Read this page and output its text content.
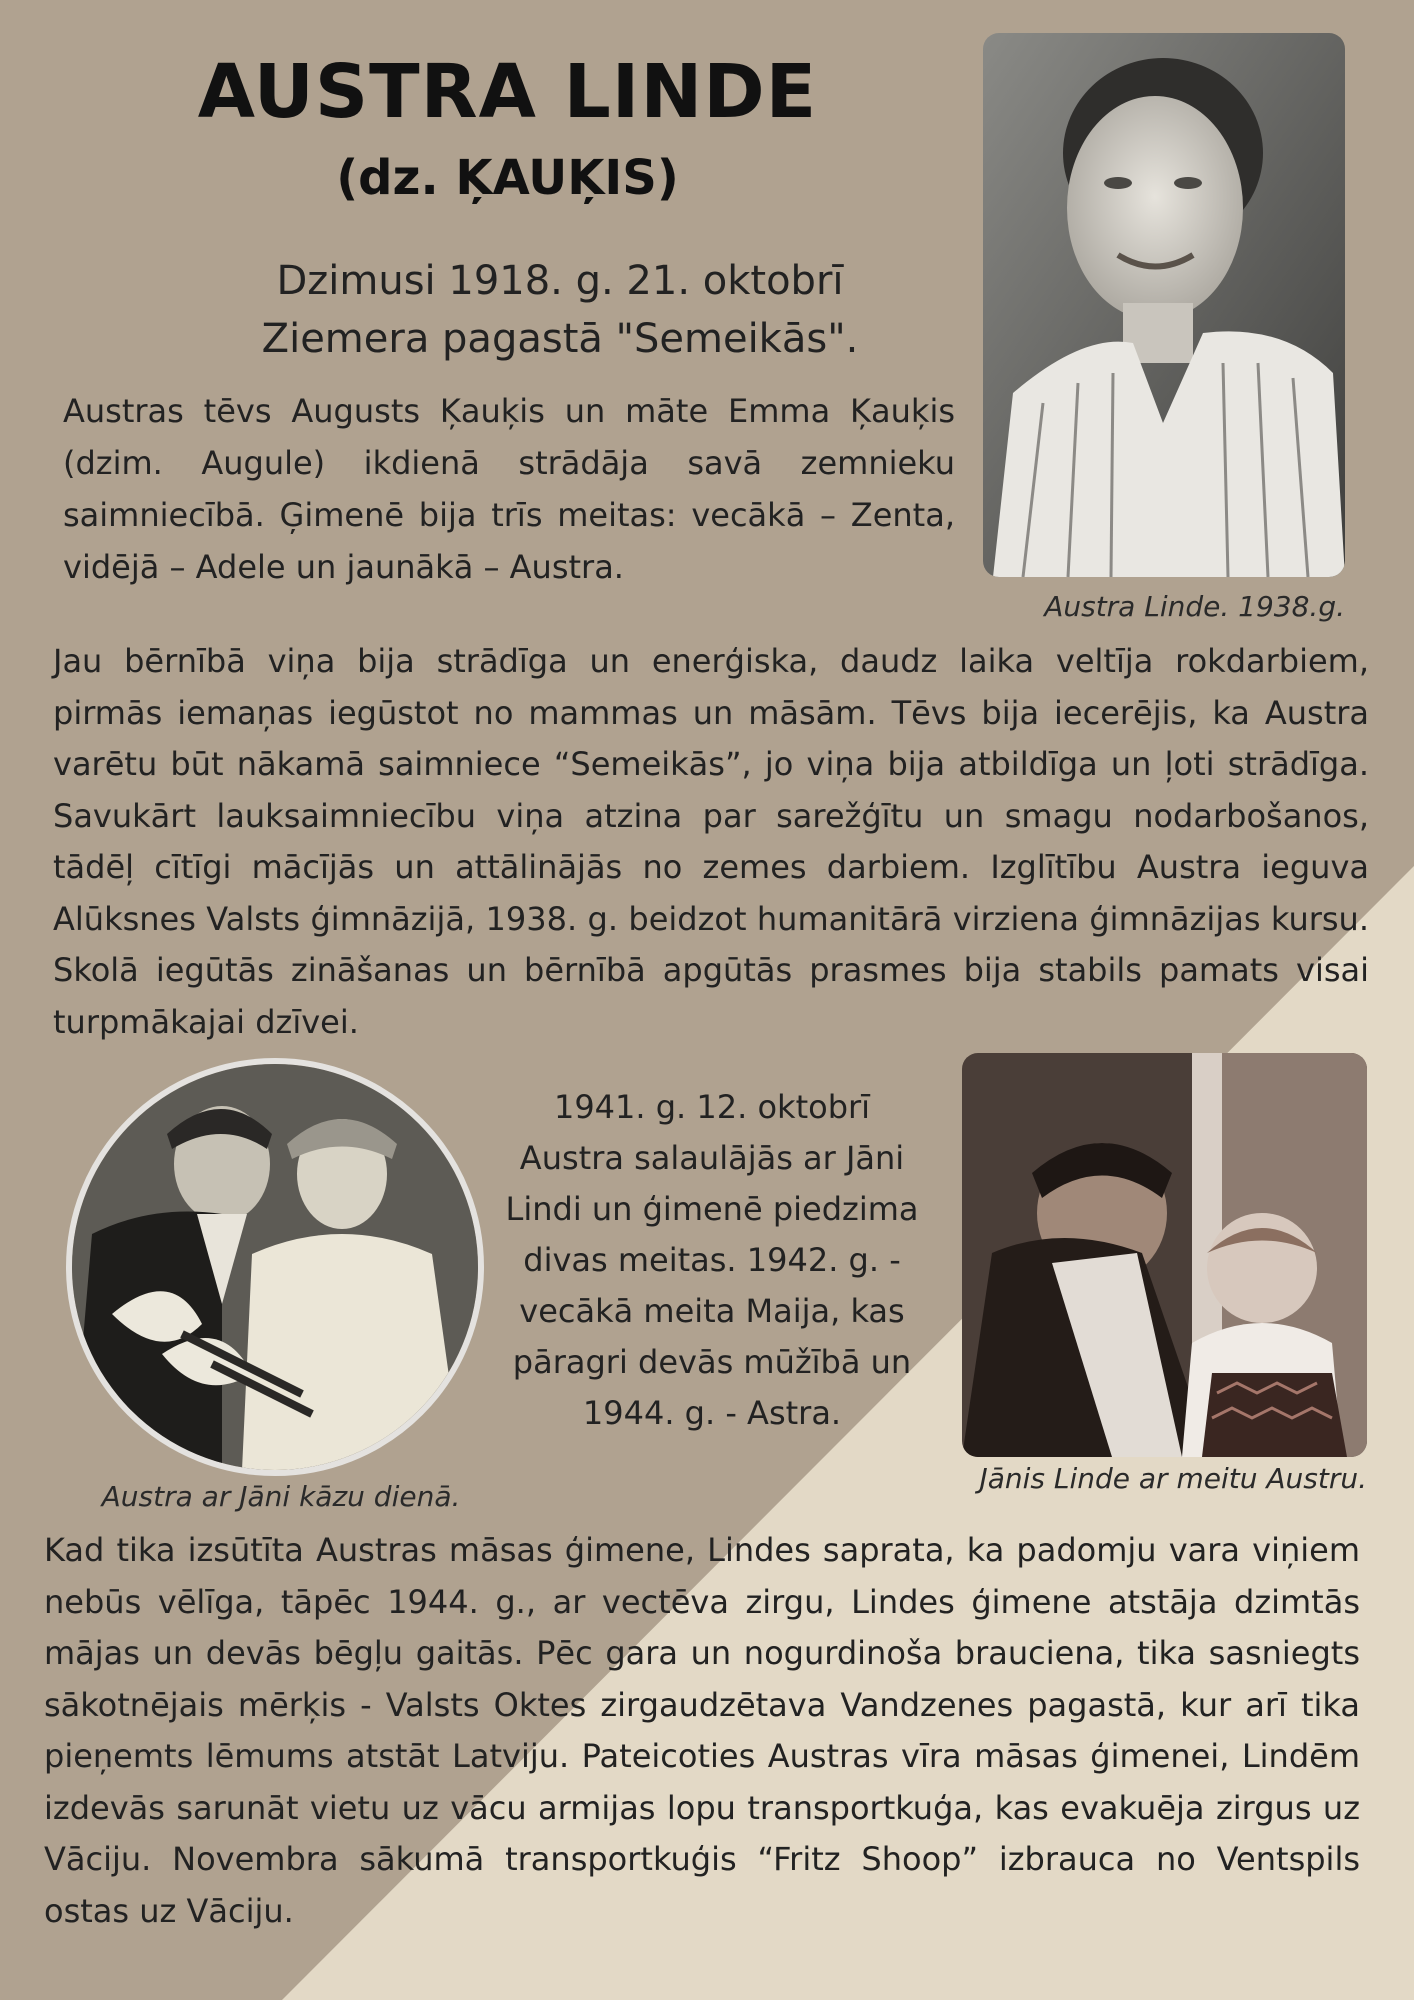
AUSTRA LINDE
(dz. ĶAUĶIS)
Dzimusi 1918. g. 21. oktobrī
Ziemera pagastā "Semeikās".
Austras tēvs Augusts Ķauķis un māte Emma Ķauķis (dzim. Augule) ikdienā strādāja savā zemnieku saimniecībā. Ģimenē bija trīs meitas: vecākā – Zenta, vidējā – Adele un jaunākā – Austra.
Austra Linde. 1938.g.
Jau bērnībā viņa bija strādīga un enerģiska, daudz laika veltīja rokdarbiem, pirmās iemaņas iegūstot no mammas un māsām. Tēvs bija iecerējis, ka Austra varētu būt nākamā saimniece “Semeikās”, jo viņa bija atbildīga un ļoti strādīga. Savukārt lauksaimniecību viņa atzina par sarežģītu un smagu nodarbošanos, tādēļ cītīgi mācījās un attālinājās no zemes darbiem. Izglītību Austra ieguva Alūksnes Valsts ģimnāzijā, 1938. g. beidzot humanitārā virziena ģimnāzijas kursu. Skolā iegūtās zināšanas un bērnībā apgūtās prasmes bija stabils pamats visai turpmākajai dzīvei.
Austra ar Jāni kāzu dienā.
1941. g. 12. oktobrī Austra salaulājās ar Jāni Lindi un ģimenē piedzima divas meitas. 1942. g. - vecākā meita Maija, kas pāragri devās mūžībā un 1944. g. - Astra.
Jānis Linde ar meitu Austru.
Kad tika izsūtīta Austras māsas ģimene, Lindes saprata, ka padomju vara viņiem nebūs vēlīga, tāpēc 1944. g., ar vectēva zirgu, Lindes ģimene atstāja dzimtās mājas un devās bēgļu gaitās. Pēc gara un nogurdinoša brauciena, tika sasniegts sākotnējais mērķis - Valsts Oktes zirgaudzētava Vandzenes pagastā, kur arī tika pieņemts lēmums atstāt Latviju. Pateicoties Austras vīra māsas ģimenei, Lindēm izdevās sarunāt vietu uz vācu armijas lopu transportkuģa, kas evakuēja zirgus uz Vāciju. Novembra sākumā transportkuģis “Fritz Shoop” izbrauca no Ventspils ostas uz Vāciju.
